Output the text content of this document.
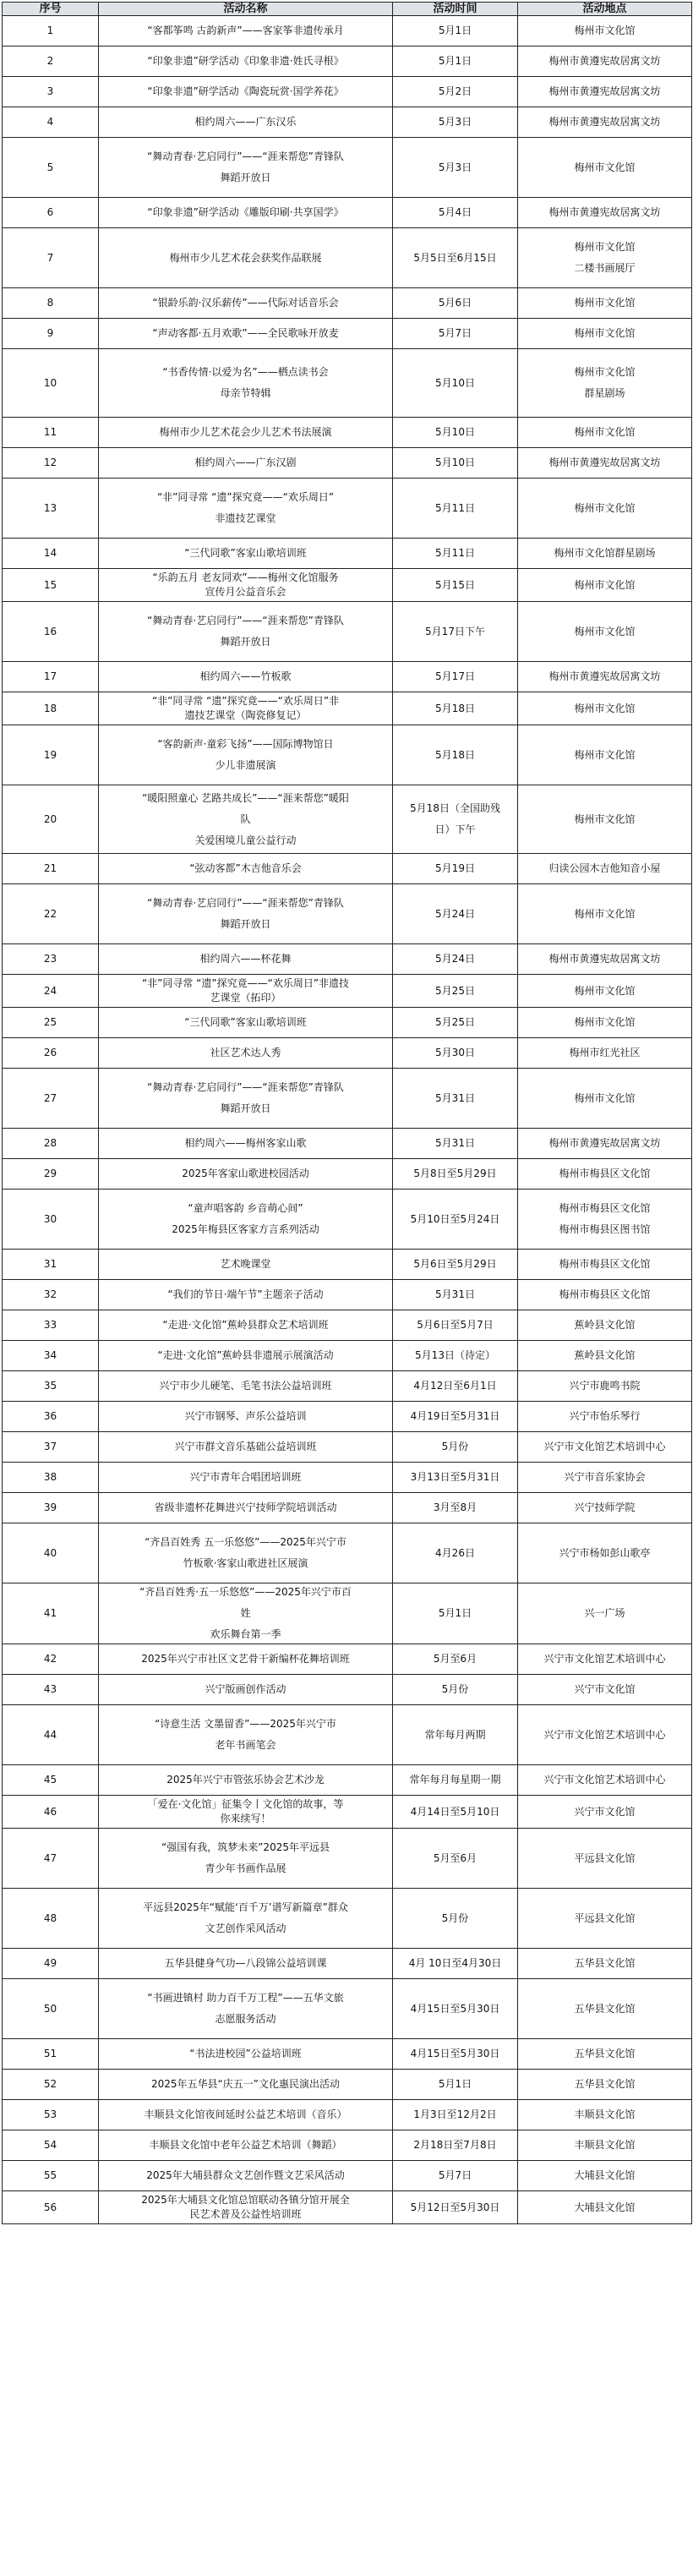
序号	活动名称	活动时间	活动地点
1	“客都筝鸣 古韵新声”——客家筝非遗传承月	5月1日	梅州市文化馆

2	“印象非遗”研学活动《印象非遗·姓氏寻根》	5月1日	梅州市黄遵宪故居寓文坊

3	“印象非遗”研学活动《陶瓷玩赏·国学养花》	5月2日	梅州市黄遵宪故居寓文坊

4	相约周六——广东汉乐	5月3日	梅州市黄遵宪故居寓文坊

5	“舞动青春·艺启同行”——“涯来帮您”青锋队
舞蹈开放日	5月3日	梅州市文化馆

6	“印象非遗”研学活动《雕版印刷·共享国学》	5月4日	梅州市黄遵宪故居寓文坊

7	梅州市少儿艺术花会获奖作品联展	5月5日至6月15日	梅州市文化馆
二楼书画展厅

8	“银龄乐韵·汉乐薪传”——代际对话音乐会	5月6日	梅州市文化馆

9	“声动客都·五月欢歌”——全民歌咏开放麦	5月7日	梅州市文化馆

10	“书香传情·以爱为名”——栖点读书会
母亲节特辑	5月10日	梅州市文化馆
群星剧场

11	梅州市少儿艺术花会少儿艺术书法展演	5月10日	梅州市文化馆

12	相约周六——广东汉剧	5月10日	梅州市黄遵宪故居寓文坊

13	“非”同寻常 “遗”探究竟——“欢乐周日”
非遗技艺课堂	5月11日	梅州市文化馆

14	“三代同歌”客家山歌培训班	5月11日	梅州市文化馆群星剧场

15	“乐韵五月 老友同欢”——梅州文化馆服务
宣传月公益音乐会	5月15日	梅州市文化馆

16	“舞动青春·艺启同行”——“涯来帮您”青锋队
舞蹈开放日	5月17日下午	梅州市文化馆

17	相约周六——竹板歌	5月17日	梅州市黄遵宪故居寓文坊

18	“非”同寻常 “遗”探究竟——“欢乐周日”非
遗技艺课堂（陶瓷修复记）	5月18日	梅州市文化馆

19	“客韵新声·童彩飞扬”——国际博物馆日
少儿非遗展演	5月18日	梅州市文化馆

20	“暖阳照童心 艺路共成长”——“涯来帮您”暖阳
队
关爱困境儿童公益行动	5月18日（全国助残
日）下午	梅州市文化馆

21	“弦动客都”木吉他音乐会	5月19日	归读公园木吉他知音小屋

22	“舞动青春·艺启同行”——“涯来帮您”青锋队
舞蹈开放日	5月24日	梅州市文化馆

23	相约周六——杯花舞	5月24日	梅州市黄遵宪故居寓文坊

24	“非”同寻常 “遗”探究竟——“欢乐周日”非遗技
艺课堂（拓印）	5月25日	梅州市文化馆

25	“三代同歌”客家山歌培训班	5月25日	梅州市文化馆

26	社区艺术达人秀	5月30日	梅州市红光社区

27	“舞动青春·艺启同行”——“涯来帮您”青锋队
舞蹈开放日	5月31日	梅州市文化馆

28	相约周六——梅州客家山歌	5月31日	梅州市黄遵宪故居寓文坊

29	2025年客家山歌进校园活动	5月8日至5月29日	梅州市梅县区文化馆

30	“童声唱客韵 乡音萌心间”
2025年梅县区客家方言系列活动	5月10日至5月24日	梅州市梅县区文化馆
梅州市梅县区图书馆

31	艺术晚课堂	5月6日至5月29日	梅州市梅县区文化馆

32	“我们的节日·端午节”主题亲子活动	5月31日	梅州市梅县区文化馆

33	“走进·文化馆”蕉岭县群众艺术培训班	5月6日至5月7日	蕉岭县文化馆

34	“走进·文化馆”蕉岭县非遗展示展演活动	5月13日（待定）	蕉岭县文化馆

35	兴宁市少儿硬笔、毛笔书法公益培训班	4月12日至6月1日	兴宁市鹿鸣书院

36	兴宁市钢琴、声乐公益培训	4月19日至5月31日	兴宁市怡乐琴行

37	兴宁市群文音乐基础公益培训班	5月份	兴宁市文化馆艺术培训中心

38	兴宁市青年合唱团培训班	3月13日至5月31日	兴宁市音乐家协会

39	省级非遗杯花舞进兴宁技师学院培训活动	3月至8月	兴宁技师学院

40	“齐昌百姓秀 五一乐悠悠”——2025年兴宁市
竹板歌·客家山歌进社区展演	4月26日	兴宁市杨如彭山歌亭

41	“齐昌百姓秀·五一乐悠悠”——2025年兴宁市百
姓
欢乐舞台第一季	5月1日	兴一广场

42	2025年兴宁市社区文艺骨干新编杯花舞培训班	5月至6月	兴宁市文化馆艺术培训中心

43	兴宁版画创作活动	5月份	兴宁市文化馆

44	“诗意生活 文墨留香”——2025年兴宁市
老年书画笔会	常年每月两期	兴宁市文化馆艺术培训中心

45	2025年兴宁市管弦乐协会艺术沙龙	常年每月每星期一期	兴宁市文化馆艺术培训中心

46	「爱在·文化馆」征集令丨文化馆的故事，等
你来续写！	4月14日至5月10日	兴宁市文化馆

47	“强国有我，筑梦未来”2025年平远县
青少年书画作品展	5月至6月	平远县文化馆

48	平远县2025年“赋能‘百千万’谱写新篇章”群众
文艺创作采风活动	5月份	平远县文化馆

49	五华县健身气功—八段锦公益培训课	4月 10日至4月30日	五华县文化馆

50	“书画进镇村 助力百千万工程”——五华文旅
志愿服务活动	4月15日至5月30日	五华县文化馆

51	“书法进校园”公益培训班	4月15日至5月30日	五华县文化馆

52	2025年五华县“庆五一”文化惠民演出活动	5月1日	五华县文化馆

53	丰顺县文化馆夜间延时公益艺术培训（音乐）	1月3日至12月2日	丰顺县文化馆

54	丰顺县文化馆中老年公益艺术培训（舞蹈）	2月18日至7月8日	丰顺县文化馆

55	2025年大埔县群众文艺创作暨文艺采风活动	5月7日	大埔县文化馆

56	2025年大埔县文化馆总馆联动各镇分馆开展全
民艺术普及公益性培训班	5月12日至5月30日	大埔县文化馆
